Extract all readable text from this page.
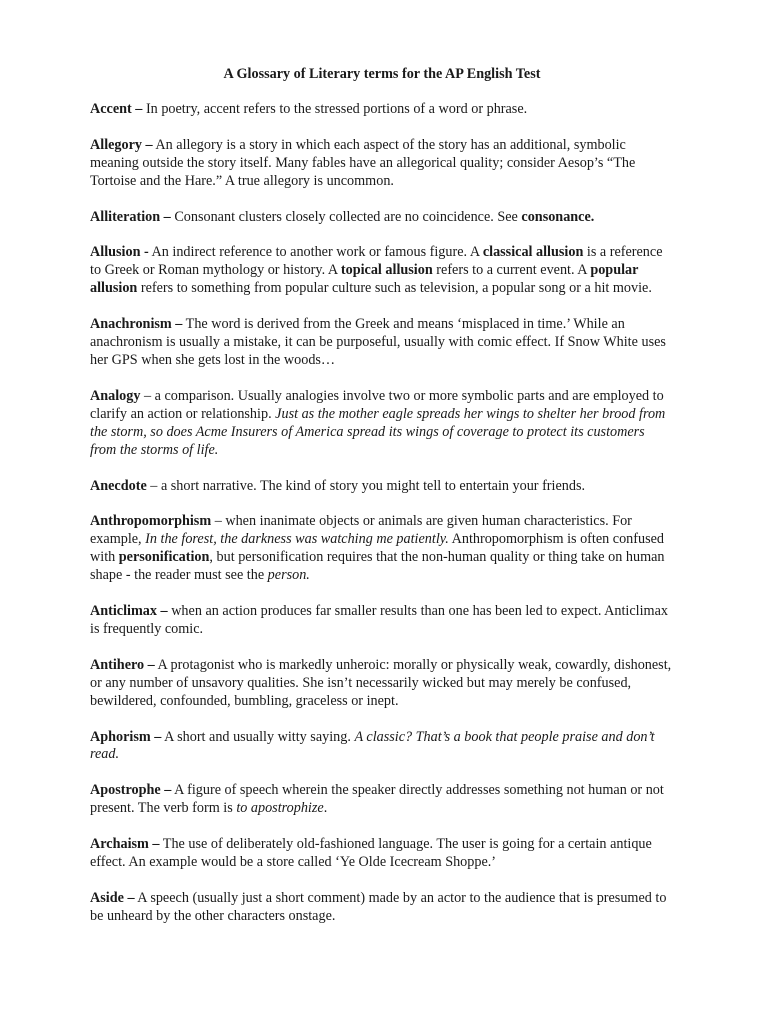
A Glossary of Literary terms for the AP English Test

Accent – In poetry, accent refers to the stressed portions of a word or phrase.

Allegory – An allegory is a story in which each aspect of the story has an additional, symbolic meaning outside the story itself. Many fables have an allegorical quality; consider Aesop’s “The Tortoise and the Hare.” A true allegory is uncommon.

Alliteration – Consonant clusters closely collected are no coincidence. See consonance.

Allusion - An indirect reference to another work or famous figure. A classical allusion is a reference to Greek or Roman mythology or history. A topical allusion refers to a current event. A popular allusion refers to something from popular culture such as television, a popular song or a hit movie.

Anachronism – The word is derived from the Greek and means ‘misplaced in time.’ While an anachronism is usually a mistake, it can be purposeful, usually with comic effect. If Snow White uses her GPS when she gets lost in the woods…

Analogy – a comparison. Usually analogies involve two or more symbolic parts and are employed to clarify an action or relationship. Just as the mother eagle spreads her wings to shelter her brood from the storm, so does Acme Insurers of America spread its wings of coverage to protect its customers from the storms of life.

Anecdote – a short narrative. The kind of story you might tell to entertain your friends.

Anthropomorphism – when inanimate objects or animals are given human characteristics. For example, In the forest, the darkness was watching me patiently. Anthropomorphism is often confused with personification, but personification requires that the non-human quality or thing take on human shape - the reader must see the person.

Anticlimax – when an action produces far smaller results than one has been led to expect. Anticlimax is frequently comic.

Antihero – A protagonist who is markedly unheroic: morally or physically weak, cowardly, dishonest, or any number of unsavory qualities. She isn’t necessarily wicked but may merely be confused, bewildered, confounded, bumbling, graceless or inept.

Aphorism – A short and usually witty saying. A classic? That’s a book that people praise and don’t read.

Apostrophe – A figure of speech wherein the speaker directly addresses something not human or not present. The verb form is to apostrophize.

Archaism – The use of deliberately old-fashioned language. The user is going for a certain antique effect. An example would be a store called ‘Ye Olde Icecream Shoppe.’

Aside – A speech (usually just a short comment) made by an actor to the audience that is presumed to be unheard by the other characters onstage.
